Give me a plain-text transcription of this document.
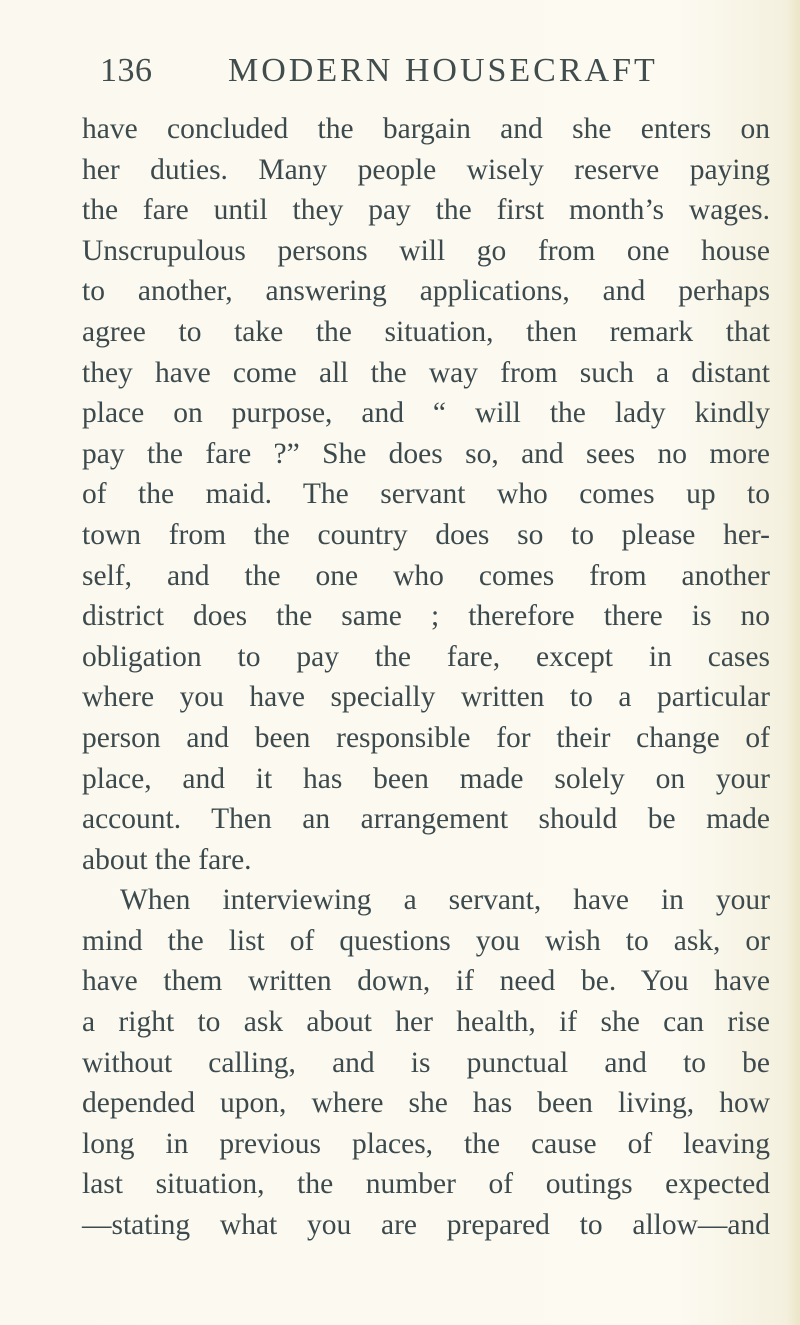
136 MODERN HOUSECRAFT
have concluded the bargain and she enters on
her duties. Many people wisely reserve paying
the fare until they pay the first month’s wages.
Unscrupulous persons will go from one house
to another, answering applications, and perhaps
agree to take the situation, then remark that
they have come all the way from such a distant
place on purpose, and “ will the lady kindly
pay the fare ?” She does so, and sees no more
of the maid. The servant who comes up to
town from the country does so to please her-
self, and the one who comes from another
district does the same ; therefore there is no
obligation to pay the fare, except in cases
where you have specially written to a particular
person and been responsible for their change of
place, and it has been made solely on your
account. Then an arrangement should be made
about the fare.
When interviewing a servant, have in your
mind the list of questions you wish to ask, or
have them written down, if need be. You have
a right to ask about her health, if she can rise
without calling, and is punctual and to be
depended upon, where she has been living, how
long in previous places, the cause of leaving
last situation, the number of outings expected
—stating what you are prepared to allow—and
